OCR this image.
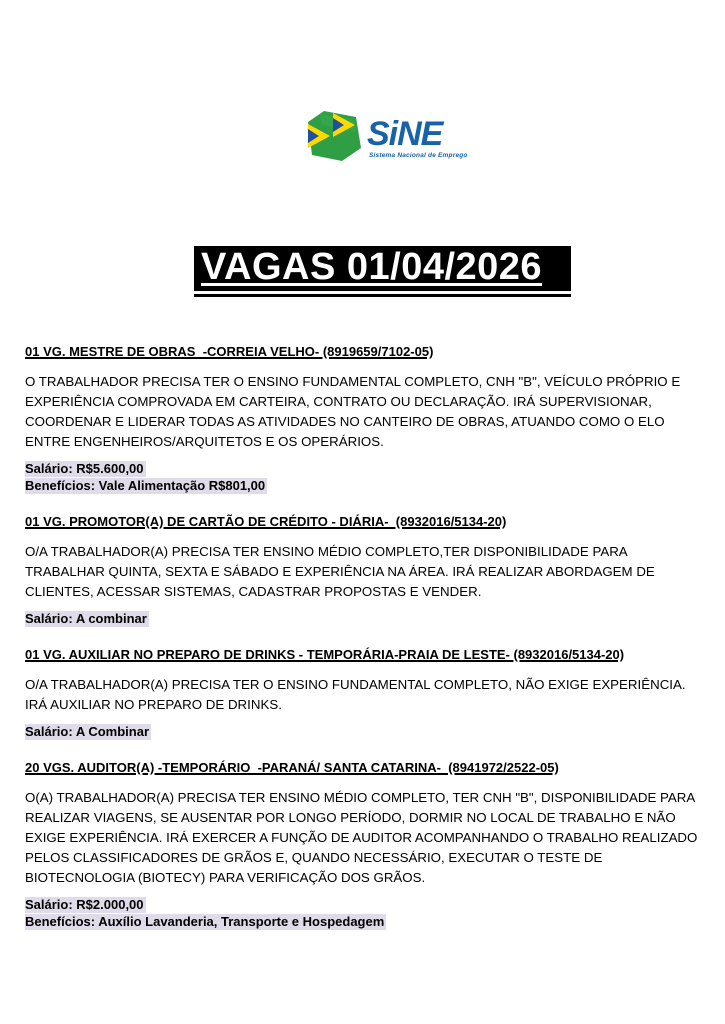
SiNE
Sistema Nacional de Emprego
VAGAS 01/04/2026
01 VG. MESTRE DE OBRAS  -CORREIA VELHO- (8919659/7102-05)

O TRABALHADOR PRECISA TER O ENSINO FUNDAMENTAL COMPLETO, CNH "B", VEÍCULO PRÓPRIO E EXPERIÊNCIA COMPROVADA EM CARTEIRA, CONTRATO OU DECLARAÇÃO. IRÁ SUPERVISIONAR, COORDENAR E LIDERAR TODAS AS ATIVIDADES NO CANTEIRO DE OBRAS, ATUANDO COMO O ELO ENTRE ENGENHEIROS/ARQUITETOS E OS OPERÁRIOS.

Salário: R$5.600,00
Benefícios: Vale Alimentação R$801,00
01 VG. PROMOTOR(A) DE CARTÃO DE CRÉDITO - DIÁRIA-  (8932016/5134-20)

O/A TRABALHADOR(A) PRECISA TER ENSINO MÉDIO COMPLETO,TER DISPONIBILIDADE PARA TRABALHAR QUINTA, SEXTA E SÁBADO E EXPERIÊNCIA NA ÁREA. IRÁ REALIZAR ABORDAGEM DE CLIENTES, ACESSAR SISTEMAS, CADASTRAR PROPOSTAS E VENDER.

Salário: A combinar
01 VG. AUXILIAR NO PREPARO DE DRINKS - TEMPORÁRIA-PRAIA DE LESTE- (8932016/5134-20)

O/A TRABALHADOR(A) PRECISA TER O ENSINO FUNDAMENTAL COMPLETO, NÃO EXIGE EXPERIÊNCIA. IRÁ AUXILIAR NO PREPARO DE DRINKS.

Salário: A Combinar
20 VGS. AUDITOR(A) -TEMPORÁRIO  -PARANÁ/ SANTA CATARINA-  (8941972/2522-05)

O(A) TRABALHADOR(A) PRECISA TER ENSINO MÉDIO COMPLETO, TER CNH "B", DISPONIBILIDADE PARA REALIZAR VIAGENS, SE AUSENTAR POR LONGO PERÍODO, DORMIR NO LOCAL DE TRABALHO E NÃO EXIGE EXPERIÊNCIA. IRÁ EXERCER A FUNÇÃO DE AUDITOR ACOMPANHANDO O TRABALHO REALIZADO PELOS CLASSIFICADORES DE GRÃOS E, QUANDO NECESSÁRIO, EXECUTAR O TESTE DE BIOTECNOLOGIA (BIOTECY) PARA VERIFICAÇÃO DOS GRÃOS.

Salário: R$2.000,00
Benefícios: Auxílio Lavanderia, Transporte e Hospedagem
